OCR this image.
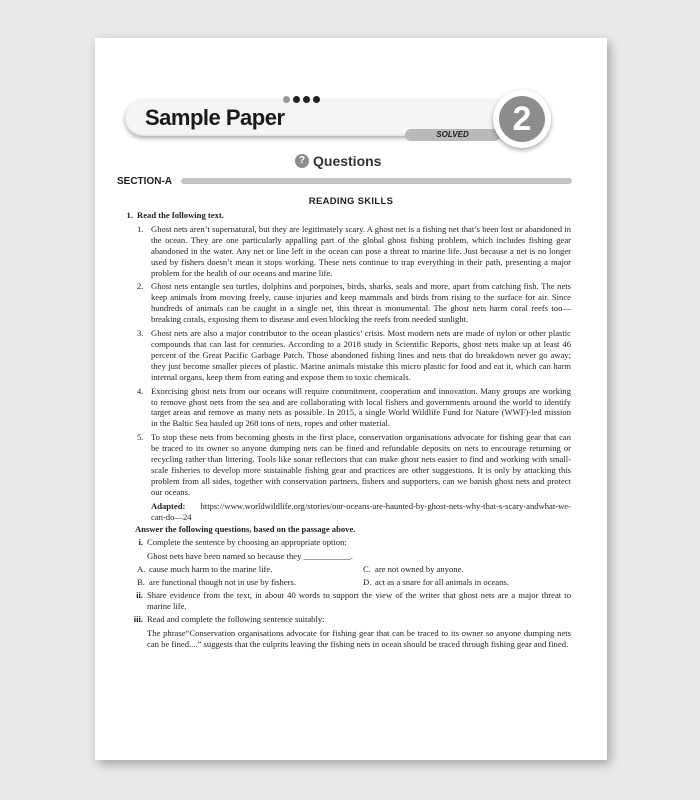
Sample Paper
SOLVED	2
? Questions
SECTION-A
READING SKILLS
1. Read the following text.
1. Ghost nets aren’t supernatural, but they are legitimately scary. A ghost net is a fishing net that’s been lost or abandoned in the ocean. They are one particularly appalling part of the global ghost fishing problem, which includes fishing gear abandoned in the water. Any net or line left in the ocean can pose a threat to marine life. Just because a net is no longer used by fishers doesn’t mean it stops working. These nets continue to trap everything in their path, presenting a major problem for the health of our oceans and marine life.
2. Ghost nets entangle sea turtles, dolphins and porpoises, birds, sharks, seals and more, apart from catching fish. The nets keep animals from moving freely, cause injuries and keep mammals and birds from rising to the surface for air. Since hundreds of animals can be caught in a single net, this threat is monumental. The ghost nets harm coral reefs too—breaking corals, exposing them to disease and even blocking the reefs from needed sunlight.
3. Ghost nets are also a major contributor to the ocean plastics’ crisis. Most modern nets are made of nylon or other plastic compounds that can last for centuries. According to a 2018 study in Scientific Reports, ghost nets make up at least 46 percent of the Great Pacific Garbage Patch. Those abandoned fishing lines and nets that do breakdown never go away; they just become smaller pieces of plastic. Marine animals mistake this micro plastic for food and eat it, which can harm internal organs, keep them from eating and expose them to toxic chemicals.
4. Exorcising ghost nets from our oceans will require commitment, cooperation and innovation. Many groups are working to remove ghost nets from the sea and are collaborating with local fishers and governments around the world to identify target areas and remove as many nets as possible. In 2015, a single World Wildlife Fund for Nature (WWF)-led mission in the Baltic Sea hauled up 268 tons of nets, ropes and other material.
5. To stop these nets from becoming ghosts in the first place, conservation organisations advocate for fishing gear that can be traced to its owner so anyone dumping nets can be fined and refundable deposits on nets to encourage returning or recycling rather than littering. Tools like sonar reflectors that can make ghost nets easier to find and working with small-scale fisheries to develop more sustainable fishing gear and practices are other suggestions. It is only by attacking this problem from all sides, together with conservation partners, fishers and supporters, can we banish ghost nets and protect our oceans.
Adapted: https://www.worldwildlife.org/stories/our-oceans-are-haunted-by-ghost-nets-why-that-s-scary-andwhat-we-can-do—24
Answer the following questions, based on the passage above.
i. Complete the sentence by choosing an appropriate option:
Ghost nets have been named so because they ___________.
A. cause much harm to the marine life.	C. are not owned by anyone.
B. are functional though not in use by fishers.	D. act as a snare for all animals in oceans.
ii. Share evidence from the text, in about 40 words to support the view of the writer that ghost nets are a major threat to marine life.
iii. Read and complete the following sentence suitably:
The phrase“Conservation organisations advocate for fishing gear that can be traced to its owner so anyone dumping nets can be fined....” suggests that the culprits leaving the fishing nets in ocean should be traced through fishing gear and fined.
